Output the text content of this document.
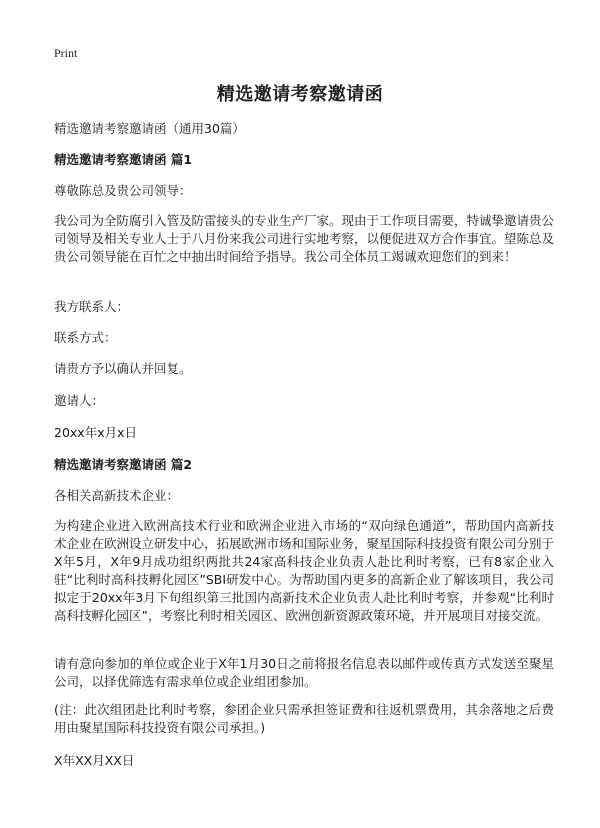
Print
精选邀请考察邀请函
精选邀请考察邀请函（通用30篇）
精选邀请考察邀请函 篇1
尊敬陈总及贵公司领导：
我公司为全防腐引入管及防雷接头的专业生产厂家。现由于工作项目需要，特诚挚邀请贵公司领导及相关专业人士于八月份来我公司进行实地考察，以便促进双方合作事宜。望陈总及贵公司领导能在百忙之中抽出时间给予指导。我公司全体员工竭诚欢迎您们的到来！
我方联系人：
联系方式：
请贵方予以确认并回复。
邀请人：
20xx年x月x日
精选邀请考察邀请函 篇2
各相关高新技术企业：
为构建企业进入欧洲高技术行业和欧洲企业进入市场的“双向绿色通道”，帮助国内高新技术企业在欧洲设立研发中心，拓展欧洲市场和国际业务，聚星国际科技投资有限公司分别于X年5月，X年9月成功组织两批共24家高科技企业负责人赴比利时考察，已有8家企业入驻“比利时高科技孵化园区”SBI研发中心。为帮助国内更多的高新企业了解该项目，我公司拟定于20xx年3月下旬组织第三批国内高新技术企业负责人赴比利时考察，并参观“比利时高科技孵化园区”，考察比利时相关园区、欧洲创新资源政策环境，并开展项目对接交流。
请有意向参加的单位或企业于X年1月30日之前将报名信息表以邮件或传真方式发送至聚星公司，以择优筛选有需求单位或企业组团参加。
(注：此次组团赴比利时考察，参团企业只需承担签证费和往返机票费用，其余落地之后费用由聚星国际科技投资有限公司承担。)
X年XX月XX日
